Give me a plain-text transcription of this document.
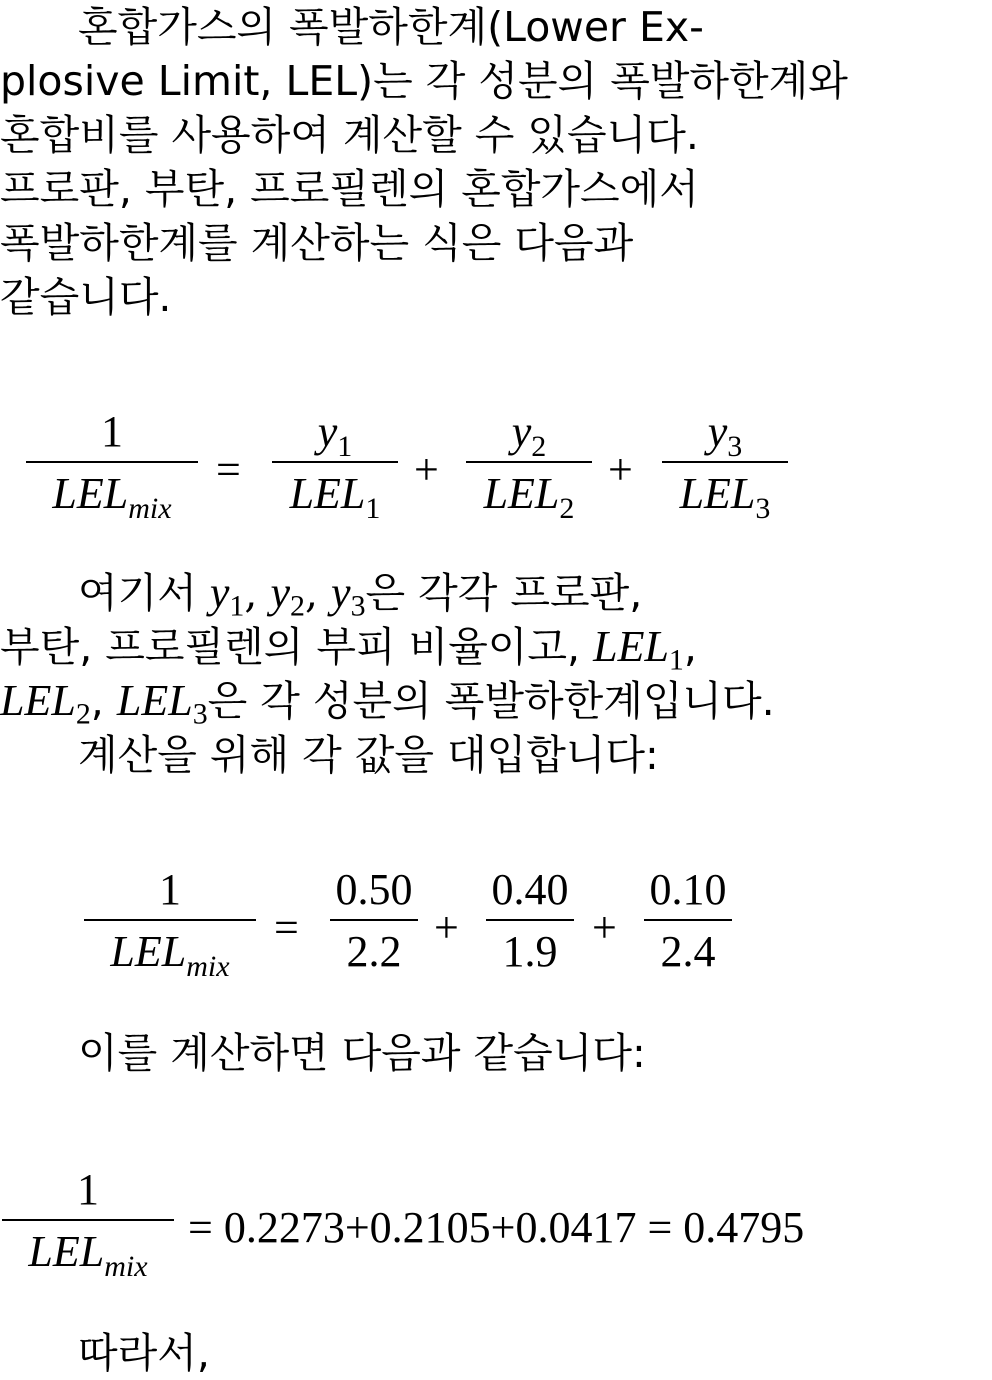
혼합가스의 폭발하한계(Lower Ex-
plosive Limit, LEL)는 각 성분의 폭발하한계와
혼합비를 사용하여 계산할 수 있습니다.
프로판, 부탄, 프로필렌의 혼합가스에서
폭발하한계를 계산하는 식은 다음과
같습니다.
1
$LEL_{mix}$
=
$y_1$
$LEL_1$
+
$y_2$
$LEL_2$
+
$y_3$
$LEL_3$
여기서 $y_1$, $y_2$, $y_3$은 각각 프로판,
부탄, 프로필렌의 부피 비율이고, $LEL_1$,
$LEL_2$, $LEL_3$은 각 성분의 폭발하한계입니다.
계산을 위해 각 값을 대입합니다:
1
$LEL_{mix}$
=
0.50
2.2 +
0.40
1.9 +
0.10
2.4
이를 계산하면 다음과 같습니다:
1
$LEL_{mix}$
= 0.2273+0.2105+0.0417 = 0.4795
따라서,
